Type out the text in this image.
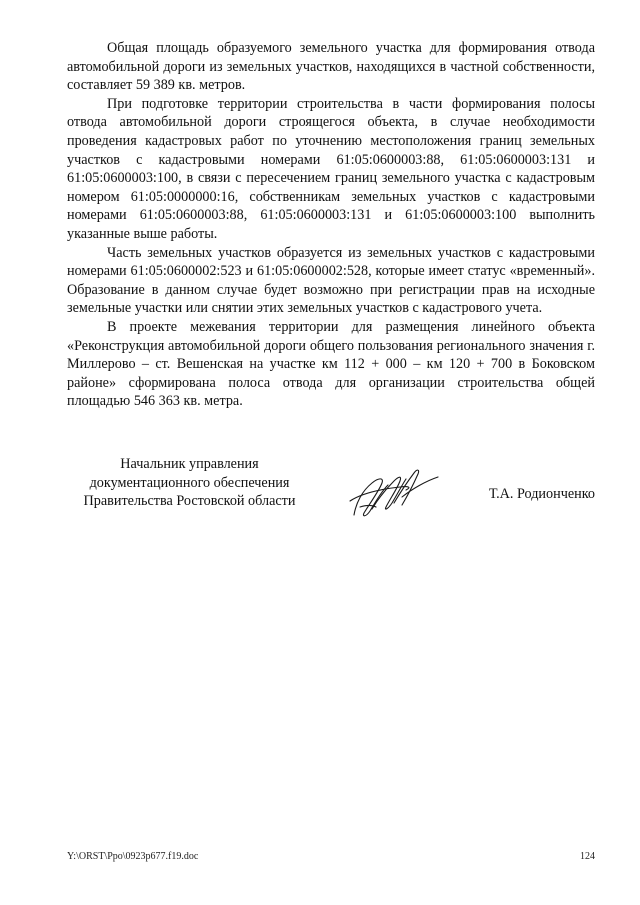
Общая площадь образуемого земельного участка для формирования отвода автомобильной дороги из земельных участков, находящихся в частной собственности, составляет 59 389 кв. метров.

При подготовке территории строительства в части формирования полосы отвода автомобильной дороги строящегося объекта, в случае необходимости проведения кадастровых работ по уточнению местоположения границ земельных участков с кадастровыми номерами 61:05:0600003:88, 61:05:0600003:131 и 61:05:0600003:100, в связи с пересечением границ земельного участка с кадастровым номером 61:05:0000000:16, собственникам земельных участков с кадастровыми номерами 61:05:0600003:88, 61:05:0600003:131 и 61:05:0600003:100 выполнить указанные выше работы.

Часть земельных участков образуется из земельных участков с кадастровыми номерами 61:05:0600002:523 и 61:05:0600002:528, которые имеет статус «временный». Образование в данном случае будет возможно при регистрации прав на исходные земельные участки или снятии этих земельных участков с кадастрового учета.

В проекте межевания территории для размещения линейного объекта «Реконструкция автомобильной дороги общего пользования регионального значения г. Миллерово – ст. Вешенская на участке км 112 + 000 – км 120 + 700 в Боковском районе» сформирована полоса отвода для организации строительства общей площадью 546 363 кв. метра.

Начальник управления
документационного обеспечения
Правительства Ростовской области	Т.А. Родионченко
Y:\ORST\Ppo\0923p677.f19.doc	124
